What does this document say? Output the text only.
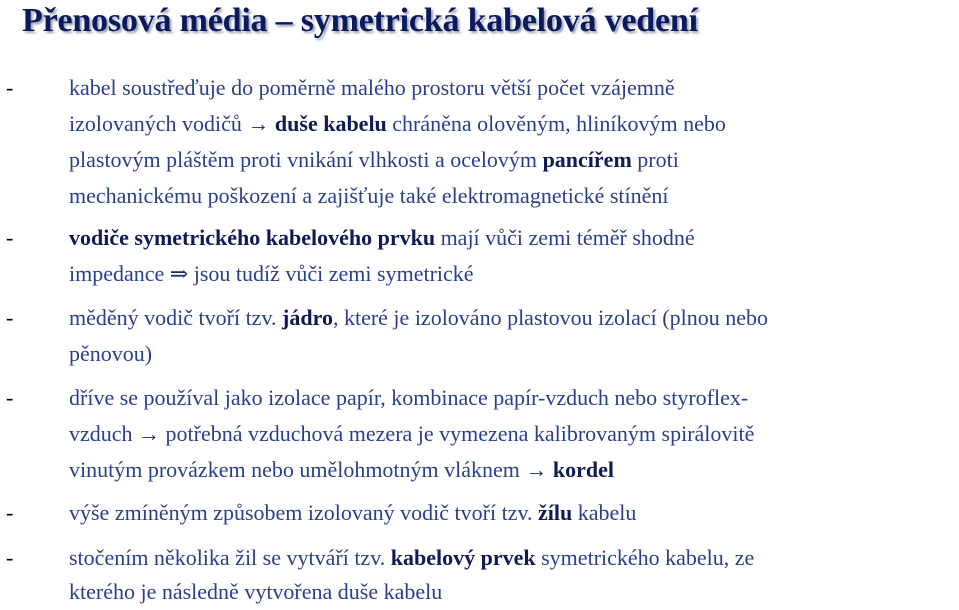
Přenosová média – symetrická kabelová vedení
-	kabel soustřeďuje do poměrně malého prostoru větší počet vzájemně
izolovaných vodičů → duše kabelu chráněna olověným, hliníkovým nebo
plastovým pláštěm proti vnikání vlhkosti a ocelovým pancířem proti
mechanickému poškození a zajišťuje také elektromagnetické stínění
-	vodiče symetrického kabelového prvku mají vůči zemi téměř shodné
impedance ⇒ jsou tudíž vůči zemi symetrické
-	měděný vodič tvoří tzv. jádro, které je izolováno plastovou izolací (plnou nebo
pěnovou)
-	dříve se používal jako izolace papír, kombinace papír-vzduch nebo styroflex-
vzduch → potřebná vzduchová mezera je vymezena kalibrovaným spirálovitě
vinutým provázkem nebo umělohmotným vláknem → kordel
-	výše zmíněným způsobem izolovaný vodič tvoří tzv. žílu kabelu
-	stočením několika žil se vytváří tzv. kabelový prvek symetrického kabelu, ze
kterého je následně vytvořena duše kabelu
